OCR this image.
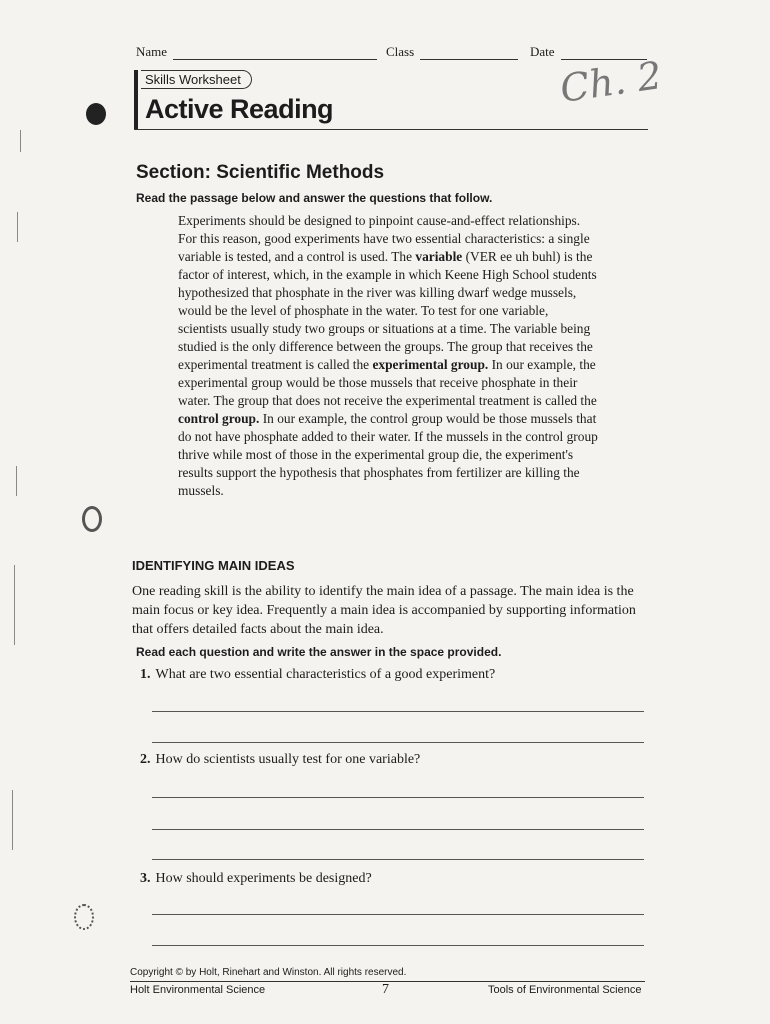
Name	Class	Date
Skills Worksheet
Active Reading	Ch. 2
Section: Scientific Methods
Read the passage below and answer the questions that follow.

Experiments should be designed to pinpoint cause-and-effect relationships. For this reason, good experiments have two essential characteristics: a single variable is tested, and a control is used. The variable (VER ee uh buhl) is the factor of interest, which, in the example in which Keene High School students hypothesized that phosphate in the river was killing dwarf wedge mussels, would be the level of phosphate in the water. To test for one variable, scientists usually study two groups or situations at a time. The variable being studied is the only difference between the groups. The group that receives the experimental treatment is called the experimental group. In our example, the experimental group would be those mussels that receive phosphate in their water. The group that does not receive the experimental treatment is called the control group. In our example, the control group would be those mussels that do not have phosphate added to their water. If the mussels in the control group thrive while most of those in the experimental group die, the experiment's results support the hypothesis that phosphates from fertilizer are killing the mussels.

IDENTIFYING MAIN IDEAS
One reading skill is the ability to identify the main idea of a passage. The main idea is the main focus or key idea. Frequently a main idea is accompanied by supporting information that offers detailed facts about the main idea.
Read each question and write the answer in the space provided.
1. What are two essential characteristics of a good experiment?
2. How do scientists usually test for one variable?
3. How should experiments be designed?
Copyright © by Holt, Rinehart and Winston. All rights reserved.
Holt Environmental Science	7	Tools of Environmental Science
